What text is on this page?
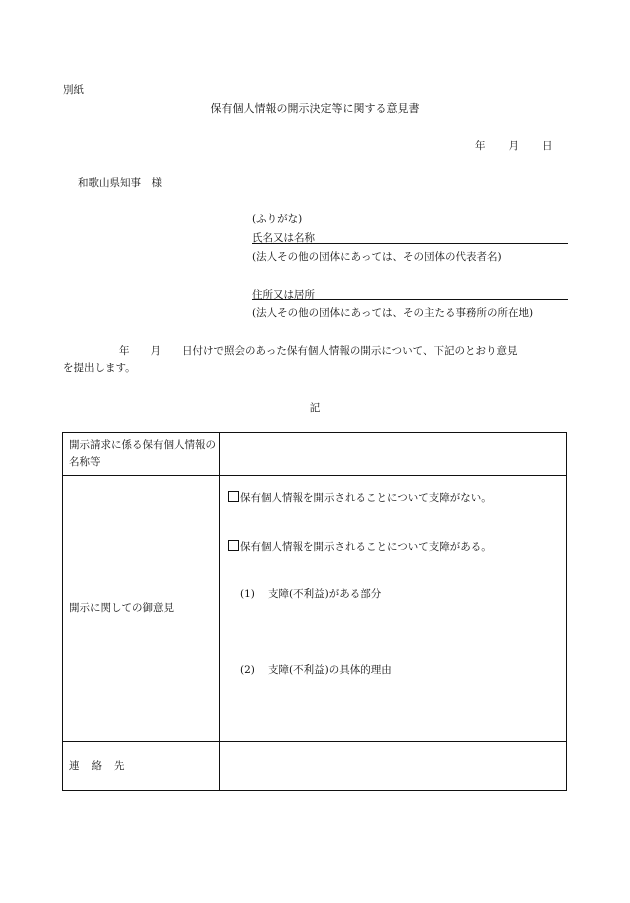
別紙
保有個人情報の開示決定等に関する意見書
年 月 日
和歌山県知事　様
(ふりがな)
氏名又は名称
(法人その他の団体にあっては、その団体の代表者名)
住所又は居所
(法人その他の団体にあっては、その主たる事務所の所在地)
年　　月　　日付けで照会のあった保有個人情報の開示について、下記のとおり意見
を提出します。
記
開示請求に係る保有個人情報の名称等	
開示に関しての御意見	保有個人情報を開示されることについて支障がない。
保有個人情報を開示されることについて支障がある。
(1) 支障(不利益)がある部分
(2) 支障(不利益)の具体的理由

連 絡 先	
